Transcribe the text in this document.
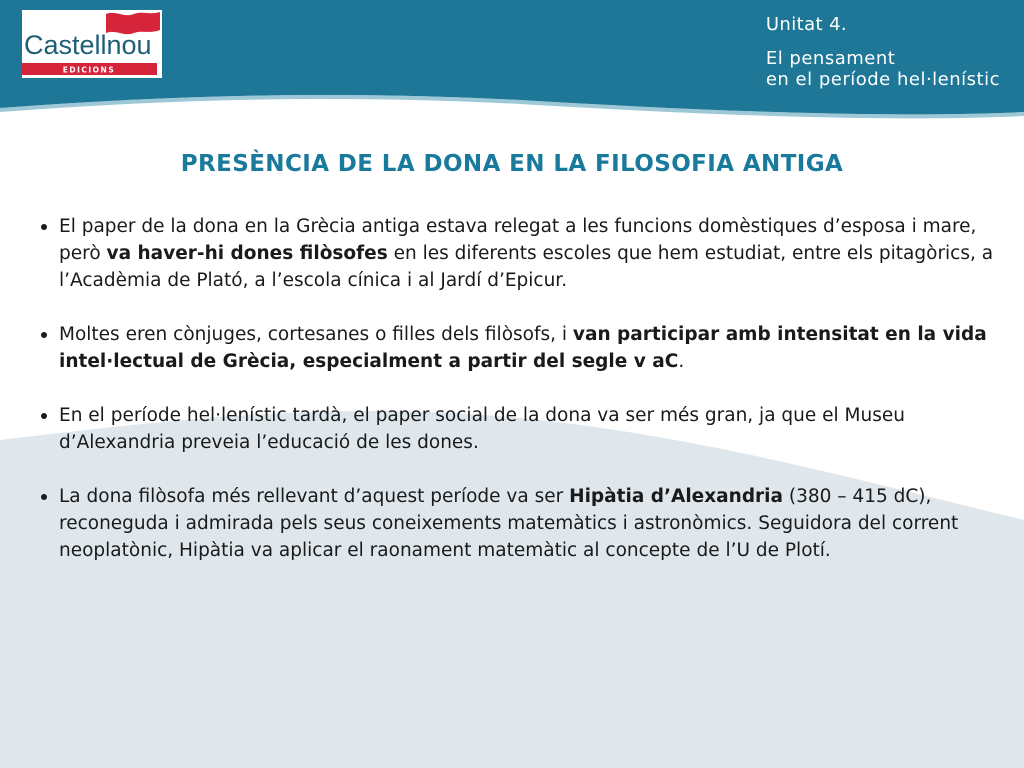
Castellnou
EDICIONS
Unitat 4.
El pensament
en el període hel·lenístic
PRESÈNCIA DE LA DONA EN LA FILOSOFIA ANTIGA
El paper de la dona en la Grècia antiga estava relegat a les funcions domèstiques d’esposa i mare, però va haver-hi dones filòsofes en les diferents escoles que hem estudiat, entre els pitagòrics, a l’Acadèmia de Plató, a l’escola cínica i al Jardí d’Epicur.
Moltes eren cònjuges, cortesanes o filles dels filòsofs, i van participar amb intensitat en la vida intel·lectual de Grècia, especialment a partir del segle v aC.
En el període hel·lenístic tardà, el paper social de la dona va ser més gran, ja que el Museu d’Alexandria preveia l’educació de les dones.
La dona filòsofa més rellevant d’aquest període va ser Hipàtia d’Alexandria (380 – 415 dC), reconeguda i admirada pels seus coneixements matemàtics i astronòmics. Seguidora del corrent neoplatònic, Hipàtia va aplicar el raonament matemàtic al concepte de l’U de Plotí.
